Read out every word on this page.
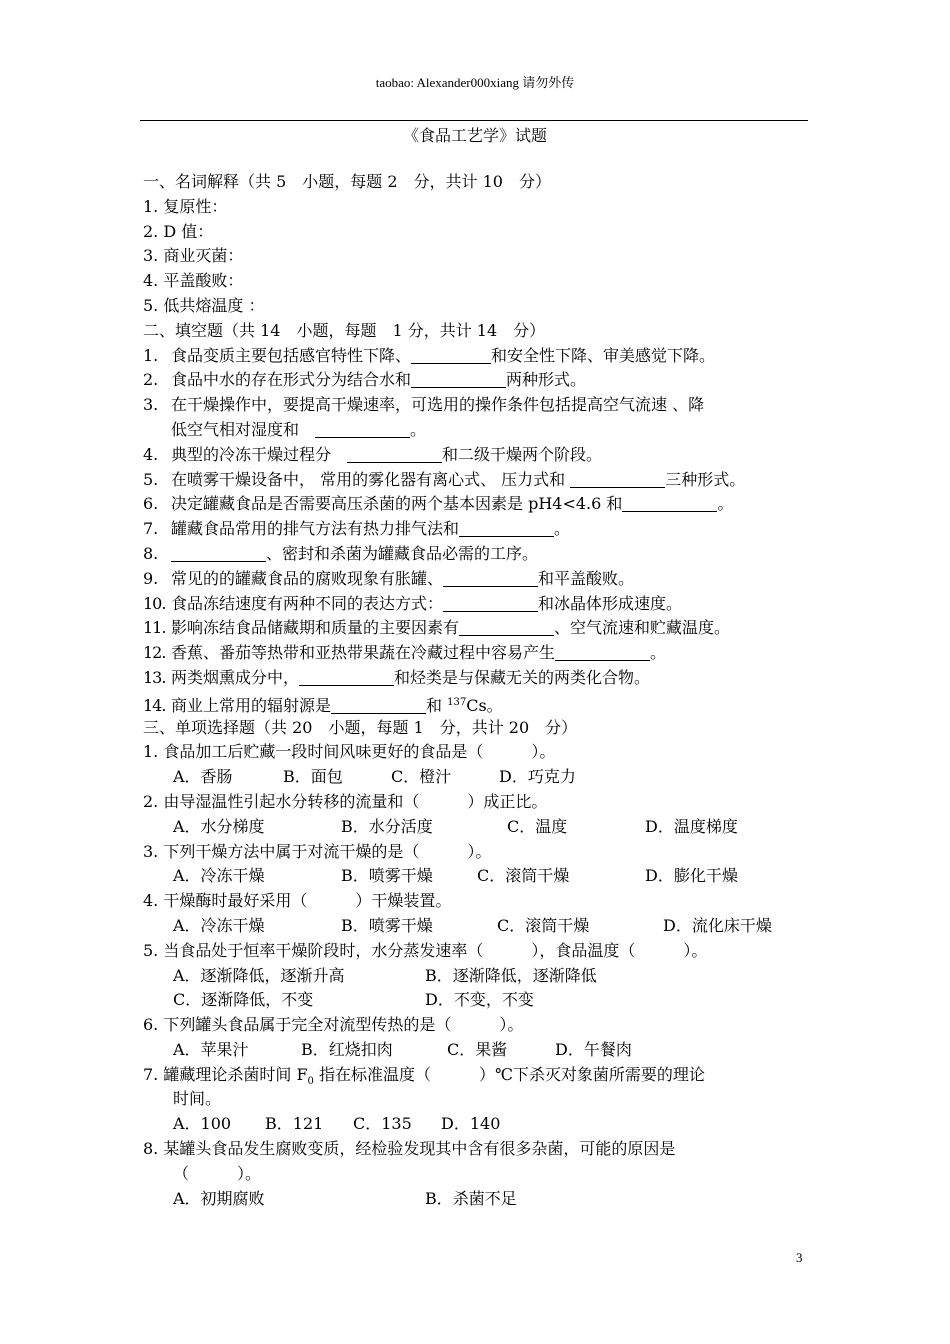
taobao: Alexander000xiang 请勿外传
《食品工艺学》试题
一、名词解释（共 5　小题，每题 2　分，共计 10　分）
1. 复原性：
2. D 值：
3. 商业灭菌：
4. 平盖酸败：
5. 低共熔温度 ：
二、填空题（共 14　小题，每题　1 分，共计 14　分）
1. 食品变质主要包括感官特性下降、	和安全性下降、审美感觉下降。
2. 食品中水的存在形式分为结合水和	两种形式。
3. 在干燥操作中，要提高干燥速率，可选用的操作条件包括提高空气流速 、降
低空气相对湿度和　	。
4. 典型的冷冻干燥过程分　	和二级干燥两个阶段。
5. 在喷雾干燥设备中， 常用的雾化器有离心式、 压力式和	三种形式。
6. 决定罐藏食品是否需要高压杀菌的两个基本因素是 pH4<4.6 和	。
7. 罐藏食品常用的排气方法有热力排气法和	。
8.	、密封和杀菌为罐藏食品必需的工序。
9. 常见的的罐藏食品的腐败现象有胀罐、	和平盖酸败。
10. 食品冻结速度有两种不同的表达方式：	和冰晶体形成速度。
11. 影响冻结食品储藏期和质量的主要因素有	、空气流速和贮藏温度。
12. 香蕉、番茄等热带和亚热带果蔬在冷藏过程中容易产生	。
13. 两类烟熏成分中，	和烃类是与保藏无关的两类化合物。
14. 商业上常用的辐射源是	和 $^{137}$Cs。
三、单项选择题（共 20　小题，每题 1　分，共计 20　分）
1. 食品加工后贮藏一段时间风味更好的食品是（　　　）。
A．香肠	B．面包	C．橙汁	D．巧克力
2. 由导湿温性引起水分转移的流量和（　　　）成正比。
A．水分梯度	B．水分活度	C．温度	D．温度梯度
3. 下列干燥方法中属于对流干燥的是（　　　）。
A．冷冻干燥	B．喷雾干燥	C．滚筒干燥	D．膨化干燥
4. 干燥酶时最好采用（　　　）干燥装置。
A．冷冻干燥	B．喷雾干燥	C．滚筒干燥	D．流化床干燥
5. 当食品处于恒率干燥阶段时，水分蒸发速率（　　　），食品温度（　　　）。
A．逐渐降低，逐渐升高	B．逐渐降低，逐渐降低
C．逐渐降低，不变	D．不变，不变
6. 下列罐头食品属于完全对流型传热的是（　　　）。
A．苹果汁	B．红烧扣肉	C．果酱	D．午餐肉
7. 罐藏理论杀菌时间 $F_0$ 指在标准温度（　　　）℃下杀灭对象菌所需要的理论
时间。
A．100 B．121 C．135 D．140
8. 某罐头食品发生腐败变质，经检验发现其中含有很多杂菌，可能的原因是
（　　　）。
A．初期腐败	B．杀菌不足
3
